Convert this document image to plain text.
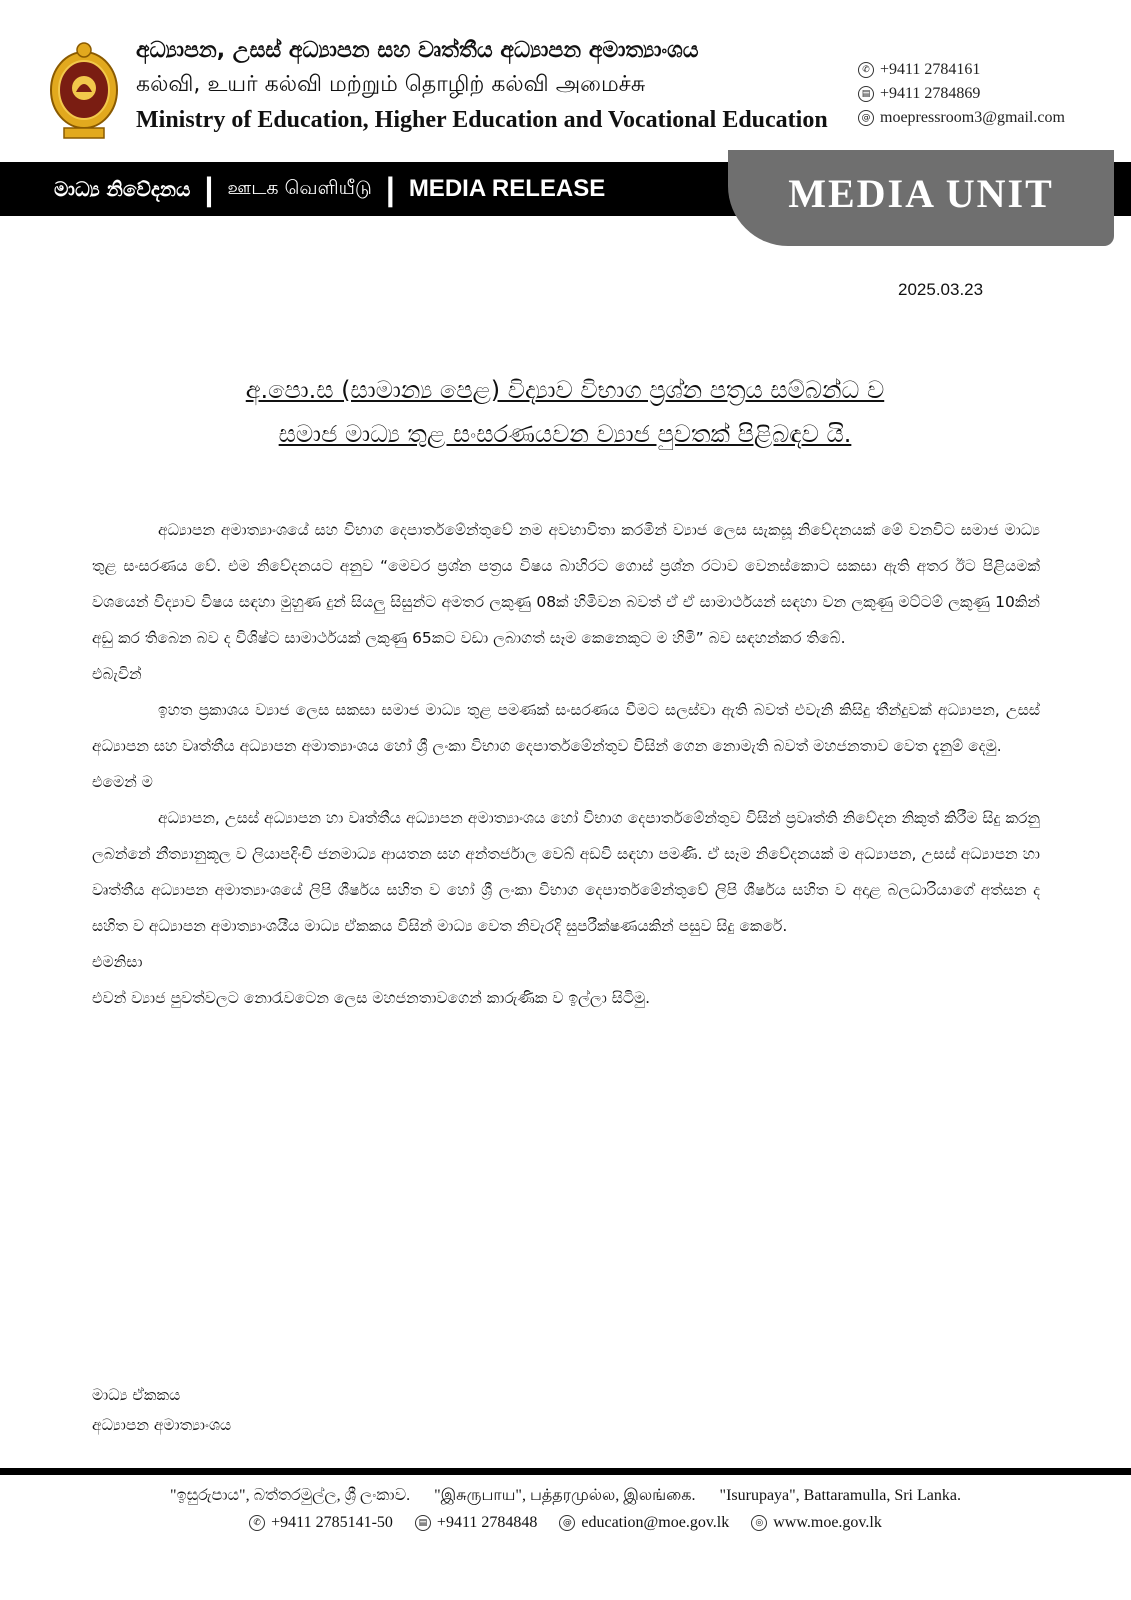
අධ්‍යාපන, උසස් අධ්‍යාපන සහ වෘත්තීය අධ්‍යාපන අමාත්‍යාංශය
கல்வி, உயர் கல்வி மற்றும் தொழிற் கல்வி அமைச்சு
Ministry of Education, Higher Education and Vocational Education
✆ +9411 2784161
▤ +9411 2784869
@ moepressroom3@gmail.com
මාධ්‍ය නිවේදනය | ஊடக வெளியீடு | MEDIA RELEASE	MEDIA UNIT
2025.03.23
අ.පො.ස (සාමාන්‍ය පෙළ) විද්‍යාව විභාග ප්‍රශ්න පත්‍රය සම්බන්ධ ව
සමාජ මාධ්‍ය තුළ සංසරණයවන ව්‍යාජ පුවතක් පිළිබඳව යි.

අධ්‍යාපන අමාත්‍යාංශයේ සහ විභාග දෙපාර්තමේන්තුවේ නම අවභාවිතා කරමින් ව්‍යාජ ලෙස සැකසූ නිවේදනයක් මේ වනවිට සමාජ මාධ්‍ය තුළ සංසරණය වේ. එම නිවේදනයට අනුව “මෙවර ප්‍රශ්න පත්‍රය විෂය බාහිරට ගොස් ප්‍රශ්න රටාව වෙනස්කොට සකසා ඇති අතර ඊට පිළියමක් වශයෙන් විද්‍යාව විෂය සඳහා මුහුණ දුන් සියලු සිසුන්ට අමතර ලකුණු 08ක් හිමිවන බවත් ඒ ඒ සාමාර්ථයන් සඳහා වන ලකුණු මට්ටම් ලකුණු 10කින් අඩු කර තිබෙන බව ද විශිෂ්ට සාමාර්ථයක් ලකුණු 65කට වඩා ලබාගත් සෑම කෙනෙකුට ම හිමි” බව සඳහන්කර තිබේ.

එබැවින්

ඉහත ප්‍රකාශය ව්‍යාජ ලෙස සකසා සමාජ මාධ්‍ය තුළ පමණක් සංසරණය වීමට සලස්වා ඇති බවත් එවැනි කිසිදු තීන්දුවක් අධ්‍යාපන, උසස් අධ්‍යාපන සහ වෘත්තීය අධ්‍යාපන අමාත්‍යාංශය හෝ ශ්‍රී ලංකා විභාග දෙපාර්තමේන්තුව විසින් ගෙන නොමැති බවත් මහජනතාව වෙත දැනුම් දෙමු.

එමෙන් ම

අධ්‍යාපන, උසස් අධ්‍යාපන හා වෘත්තීය අධ්‍යාපන අමාත්‍යාංශය හෝ විභාග දෙපාර්තමේන්තුව විසින් ප්‍රවෘත්ති නිවේදන නිකුත් කිරීම සිදු කරනු ලබන්නේ නීත්‍යානුකූල ව ලියාපදිංචි ජනමාධ්‍ය ආයතන සහ අන්තර්ජාල වෙබ් අඩවි සඳහා පමණි. ඒ සෑම නිවේදනයක් ම අධ්‍යාපන, උසස් අධ්‍යාපන හා වෘත්තීය අධ්‍යාපන අමාත්‍යාංශයේ ලිපි ශීර්ෂය සහිත ව හෝ ශ්‍රී ලංකා විභාග දෙපාර්තමේන්තුවේ ලිපි ශීර්ෂය සහිත ව අදාළ බලධාරියාගේ අත්සන ද සහිත ව අධ්‍යාපන අමාත්‍යාංශයීය මාධ්‍ය ඒකකය විසින් මාධ්‍ය වෙත නිවැරදි සුපරීක්ෂණයකින් පසුව සිදු කෙරේ.

එමනිසා

එවන් ව්‍යාජ පුවත්වලට නොරැවටෙන ලෙස මහජනතාවගෙන් කාරුණික ව ඉල්ලා සිටිමු.

මාධ්‍ය ඒකකය
අධ්‍යාපන අමාත්‍යාංශය
"ඉසුරුපාය", බත්තරමුල්ල, ශ්‍රී ලංකාව. "இசுருபாய", பத்தரமுல்ல, இலங்கை. "Isurupaya", Battaramulla, Sri Lanka.
✆ +9411 2785141-50	▤ +9411 2784848	@ education@moe.gov.lk	◎ www.moe.gov.lk
